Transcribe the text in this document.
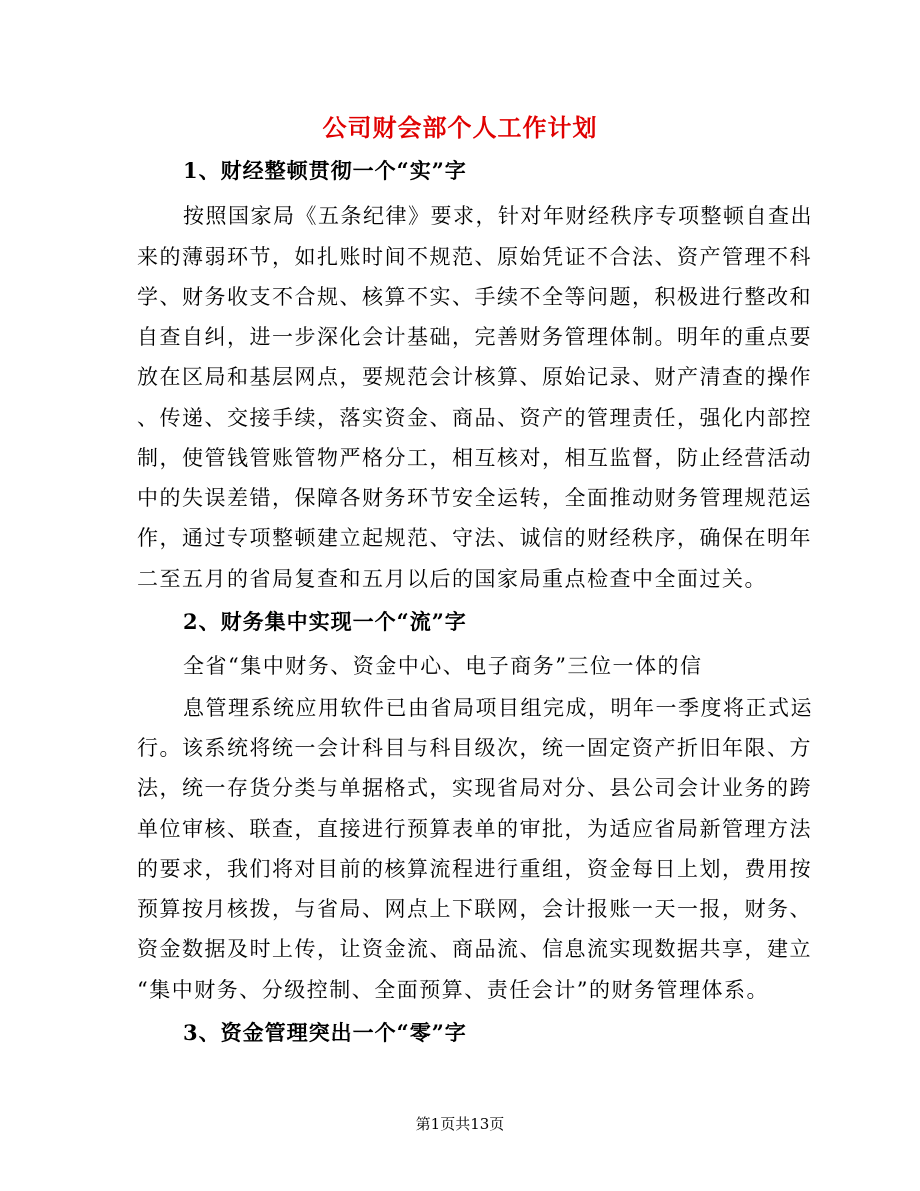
公司财会部个人工作计划
1、财经整顿贯彻一个“实”字
按照国家局《五条纪律》要求，针对年财经秩序专项整顿自查出
来的薄弱环节，如扎账时间不规范、原始凭证不合法、资产管理不科
学、财务收支不合规、核算不实、手续不全等问题，积极进行整改和
自查自纠，进一步深化会计基础，完善财务管理体制。明年的重点要
放在区局和基层网点，要规范会计核算、原始记录、财产清查的操作
、传递、交接手续，落实资金、商品、资产的管理责任，强化内部控
制，使管钱管账管物严格分工，相互核对，相互监督，防止经营活动
中的失误差错，保障各财务环节安全运转，全面推动财务管理规范运
作，通过专项整顿建立起规范、守法、诚信的财经秩序，确保在明年
二至五月的省局复查和五月以后的国家局重点检查中全面过关。
2、财务集中实现一个“流”字
全省“集中财务、资金中心、电子商务”三位一体的信
息管理系统应用软件已由省局项目组完成，明年一季度将正式运
行。该系统将统一会计科目与科目级次，统一固定资产折旧年限、方
法，统一存货分类与单据格式，实现省局对分、县公司会计业务的跨
单位审核、联查，直接进行预算表单的审批，为适应省局新管理方法
的要求，我们将对目前的核算流程进行重组，资金每日上划，费用按
预算按月核拨，与省局、网点上下联网，会计报账一天一报，财务、
资金数据及时上传，让资金流、商品流、信息流实现数据共享，建立
“集中财务、分级控制、全面预算、责任会计”的财务管理体系。
3、资金管理突出一个“零”字
第1页共13页
